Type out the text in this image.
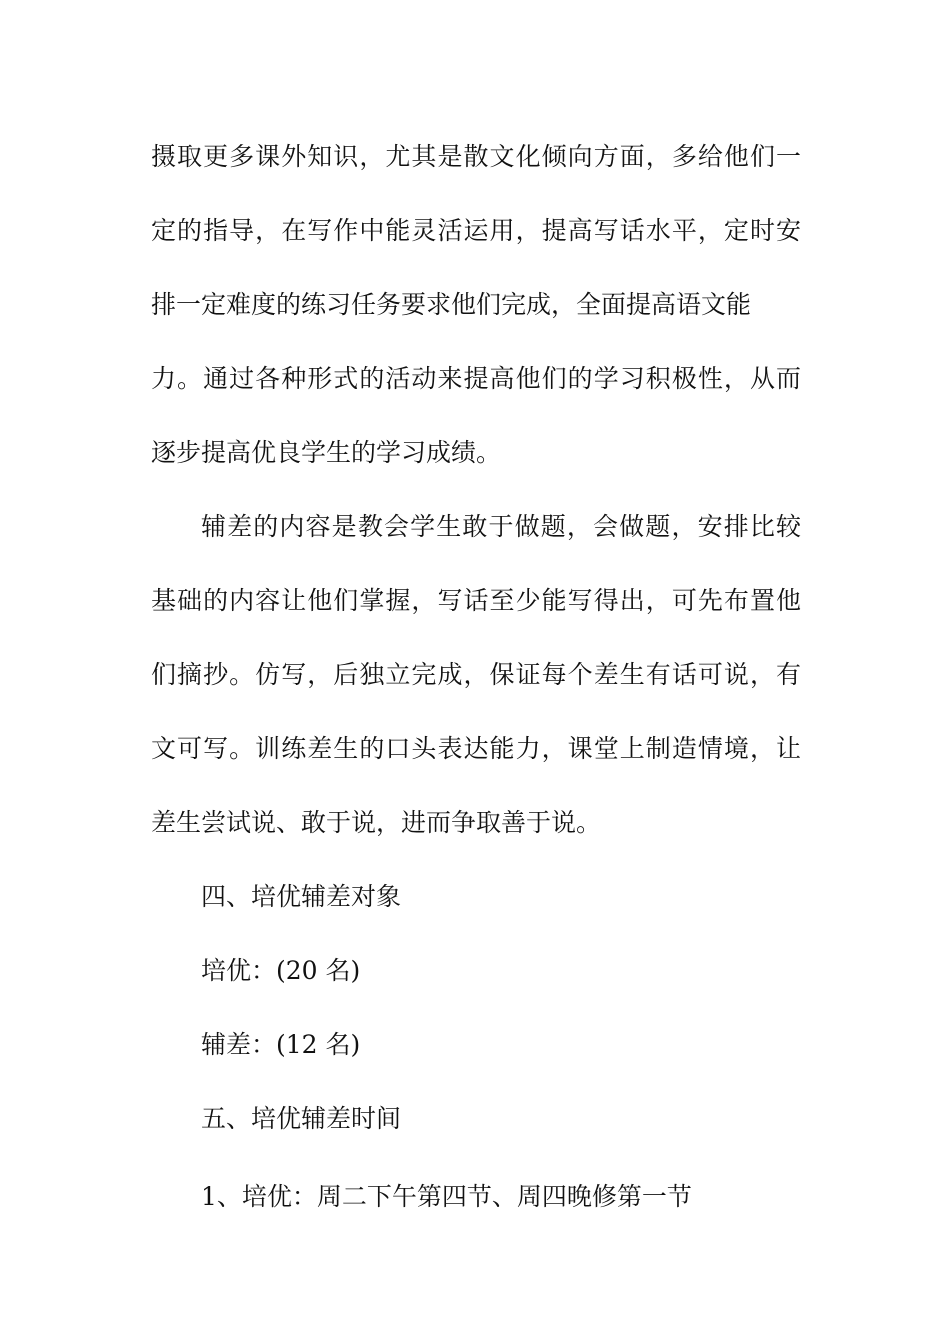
摄取更多课外知识，尤其是散文化倾向方面，多给他们一
定的指导，在写作中能灵活运用，提高写话水平，定时安
排一定难度的练习任务要求他们完成，全面提高语文能
力。通过各种形式的活动来提高他们的学习积极性，从而
逐步提高优良学生的学习成绩。
辅差的内容是教会学生敢于做题，会做题，安排比较
基础的内容让他们掌握，写话至少能写得出，可先布置他
们摘抄。仿写，后独立完成，保证每个差生有话可说，有
文可写。训练差生的口头表达能力，课堂上制造情境，让
差生尝试说、敢于说，进而争取善于说。
四、培优辅差对象
培优：(20 名)
辅差：(12 名)
五、培优辅差时间
1、培优：周二下午第四节、周四晚修第一节
